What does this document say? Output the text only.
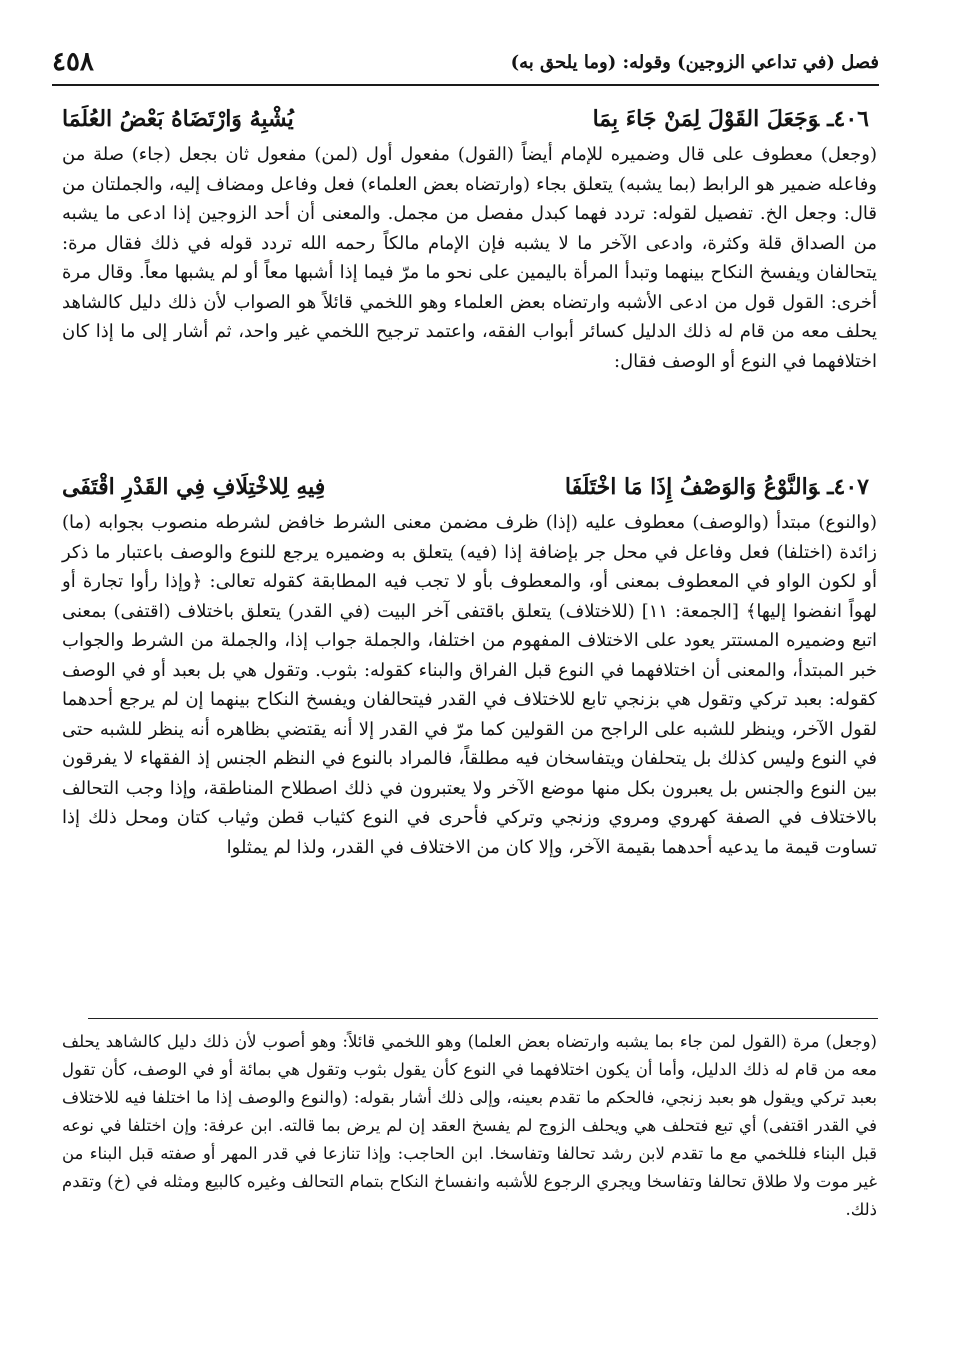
فصل (في تداعي الزوجين) وقوله: (وما يلحق به)
٤٥٨
٤٠٦ـوَجَعَلَ القَوْلَ لِمَنْ جَاءَ بِمَا
يُشْبِهُ وَارْتَضَاهُ بَعْضُ العُلَمَا

(وجعل) معطوف على قال وضميره للإمام أيضاً (القول) مفعول أول (لمن) مفعول ثان بجعل (جاء) صلة من وفاعله ضمير هو الرابط (بما يشبه) يتعلق بجاء (وارتضاه بعض العلماء) فعل وفاعل ومضاف إليه، والجملتان من قال: وجعل الخ. تفصيل لقوله: تردد فهما كبدل مفصل من مجمل. والمعنى أن أحد الزوجين إذا ادعى ما يشبه من الصداق قلة وكثرة، وادعى الآخر ما لا يشبه فإن الإمام مالكاً رحمه الله تردد قوله في ذلك فقال مرة: يتحالفان ويفسخ النكاح بينهما وتبدأ المرأة باليمين على نحو ما مرّ فيما إذا أشبها معاً أو لم يشبها معاً. وقال مرة أخرى: القول قول من ادعى الأشبه وارتضاه بعض العلماء وهو اللخمي قائلاً هو الصواب لأن ذلك دليل كالشاهد يحلف معه من قام له ذلك الدليل كسائر أبواب الفقه، واعتمد ترجيح اللخمي غير واحد، ثم أشار إلى ما إذا كان اختلافهما في النوع أو الوصف فقال:

٤٠٧ـوَالنَّوْعُ وَالوَصْفُ إِذَا مَا اخْتَلَفَا
فِيهِ لِلاخْتِلَافِ فِي القَدْرِ اقْتَفَى

(والنوع) مبتدأ (والوصف) معطوف عليه (إذا) ظرف مضمن معنى الشرط خافض لشرطه منصوب بجوابه (ما) زائدة (اختلفا) فعل وفاعل في محل جر بإضافة إذا (فيه) يتعلق به وضميره يرجع للنوع والوصف باعتبار ما ذكر أو لكون الواو في المعطوف بمعنى أو، والمعطوف بأو لا تجب فيه المطابقة كقوله تعالى: ﴿وإذا رأوا تجارة أو لهواً انفضوا إليها﴾ [الجمعة: ١١] (للاختلاف) يتعلق باقتفى آخر البيت (في القدر) يتعلق باختلاف (اقتفى) بمعنى اتبع وضميره المستتر يعود على الاختلاف المفهوم من اختلفا، والجملة جواب إذا، والجملة من الشرط والجواب خبر المبتدأ، والمعنى أن اختلافهما في النوع قبل الفراق والبناء كقوله: بثوب. وتقول هي بل بعبد أو في الوصف كقوله: بعبد تركي وتقول هي بزنجي تابع للاختلاف في القدر فيتحالفان ويفسخ النكاح بينهما إن لم يرجع أحدهما لقول الآخر، وينظر للشبه على الراجح من القولين كما مرّ في القدر إلا أنه يقتضي بظاهره أنه ينظر للشبه حتى في النوع وليس كذلك بل يتحلفان ويتفاسخان فيه مطلقاً، فالمراد بالنوع في النظم الجنس إذ الفقهاء لا يفرقون بين النوع والجنس بل يعبرون بكل منها موضع الآخر ولا يعتبرون في ذلك اصطلاح المناطقة، وإذا وجب التحالف بالاختلاف في الصفة كهروي ومروي وزنجي وتركي فأحرى في النوع كثياب قطن وثياب كتان ومحل ذلك إذا تساوت قيمة ما يدعيه أحدهما بقيمة الآخر، وإلا كان من الاختلاف في القدر، ولذا لم يمثلوا

(وجعل) مرة (القول لمن جاء بما يشبه وارتضاه بعض العلما) وهو اللخمي قائلاً: وهو أصوب لأن ذلك دليل كالشاهد يحلف معه من قام له ذلك الدليل، وأما أن يكون اختلافهما في النوع كأن يقول بثوب وتقول هي بمائة أو في الوصف، كأن تقول بعبد تركي ويقول هو بعبد زنجي، فالحكم ما تقدم بعينه، وإلى ذلك أشار بقوله: (والنوع والوصف إذا ما اختلفا فيه للاختلاف في القدر اقتفى) أي تبع فتحلف هي ويحلف الزوج لم يفسخ العقد إن لم يرض بما قالته. ابن عرفة: وإن اختلفا في نوعه قبل البناء فللخمي مع ما تقدم لابن رشد تحالفا وتفاسخا. ابن الحاجب: وإذا تنازعا في قدر المهر أو صفته قبل البناء من غير موت ولا طلاق تحالفا وتفاسخا ويجري الرجوع للأشبه وانفساخ النكاح بتمام التحالف وغيره كالبيع ومثله في (خ) وتقدم ذلك.
